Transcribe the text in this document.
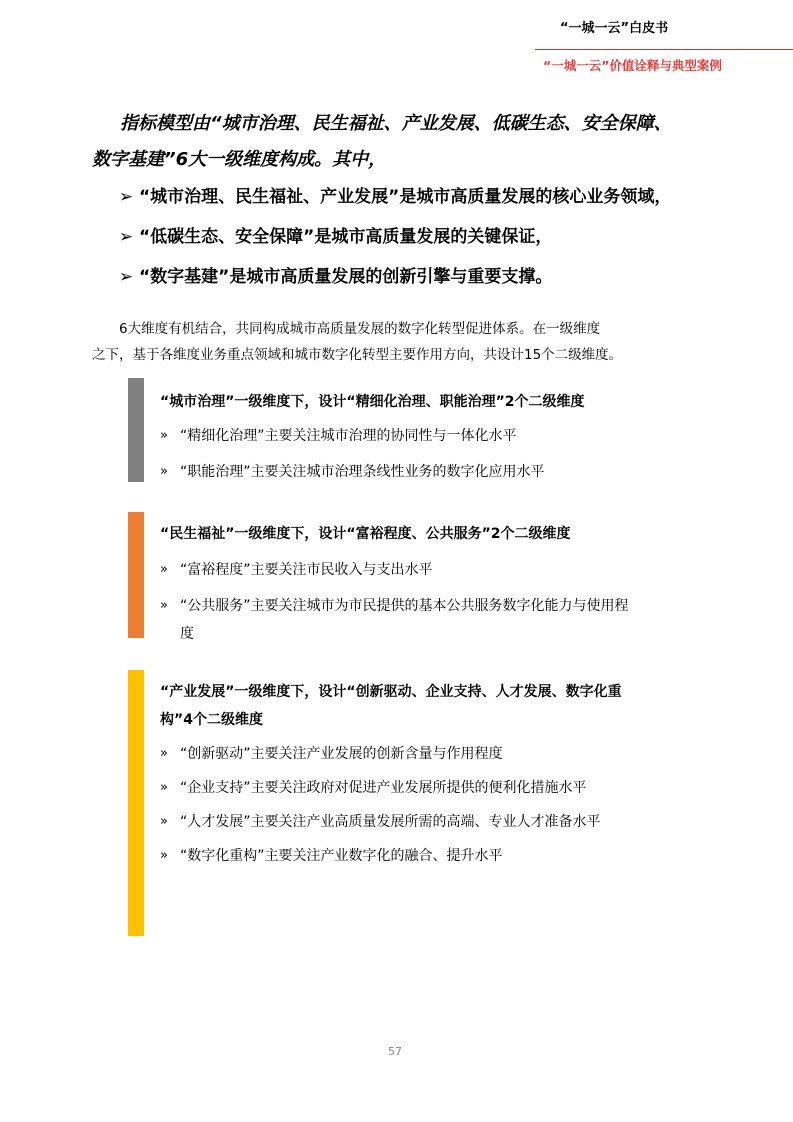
“一城一云”白皮书
“一城一云”价值诠释与典型案例
指标模型由“城市治理、民生福祉、产业发展、低碳生态、安全保障、
数字基建”6大一级维度构成。其中，
➢ “城市治理、民生福祉、产业发展”是城市高质量发展的核心业务领域，
➢ “低碳生态、安全保障”是城市高质量发展的关键保证，
➢ “数字基建”是城市高质量发展的创新引擎与重要支撑。
6大维度有机结合，共同构成城市高质量发展的数字化转型促进体系。在一级维度
之下，基于各维度业务重点领域和城市数字化转型主要作用方向，共设计15个二级维度。
“城市治理”一级维度下，设计“精细化治理、职能治理”2个二级维度
» “精细化治理”主要关注城市治理的协同性与一体化水平
» “职能治理”主要关注城市治理条线性业务的数字化应用水平
“民生福祉”一级维度下，设计“富裕程度、公共服务”2个二级维度
» “富裕程度”主要关注市民收入与支出水平
» “公共服务”主要关注城市为市民提供的基本公共服务数字化能力与使用程度
“产业发展”一级维度下，设计“创新驱动、企业支持、人才发展、数字化重构”4个二级维度
» “创新驱动”主要关注产业发展的创新含量与作用程度
» “企业支持”主要关注政府对促进产业发展所提供的便利化措施水平
» “人才发展”主要关注产业高质量发展所需的高端、专业人才准备水平
» “数字化重构”主要关注产业数字化的融合、提升水平
57
